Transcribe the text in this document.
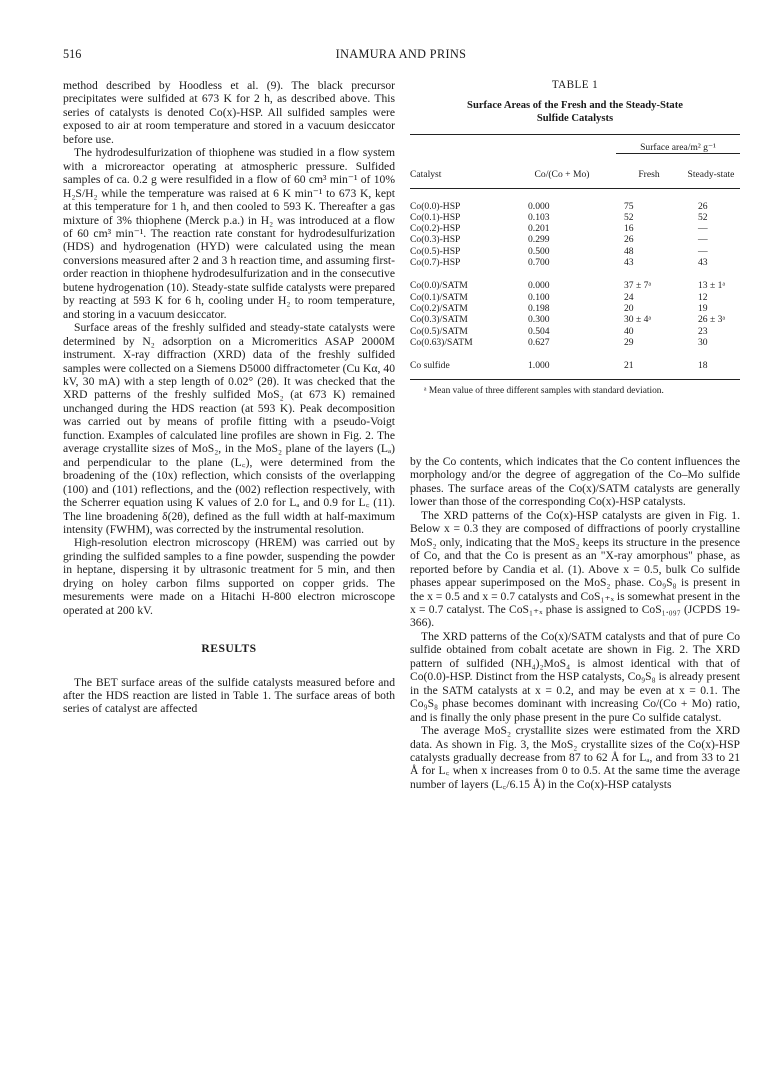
516	INAMURA AND PRINS

method described by Hoodless et al. (9). The black precursor precipitates were sulfided at 673 K for 2 h, as described above. This series of catalysts is denoted Co(x)-HSP. All sulfided samples were exposed to air at room temperature and stored in a vacuum desiccator before use.

The hydrodesulfurization of thiophene was studied in a flow system with a microreactor operating at atmospheric pressure. Sulfided samples of ca. 0.2 g were resulfided in a flow of 60 cm³ min⁻¹ of 10% H₂S/H₂ while the temperature was raised at 6 K min⁻¹ to 673 K, kept at this temperature for 1 h, and then cooled to 593 K. Thereafter a gas mixture of 3% thiophene (Merck p.a.) in H₂ was introduced at a flow of 60 cm³ min⁻¹. The reaction rate constant for hydrodesulfurization (HDS) and hydrogenation (HYD) were calculated using the mean conversions measured after 2 and 3 h reaction time, and assuming first-order reaction in thiophene hydrodesulfurization and in the consecutive butene hydrogenation (10). Steady-state sulfide catalysts were prepared by reacting at 593 K for 6 h, cooling under H₂ to room temperature, and storing in a vacuum desiccator.

Surface areas of the freshly sulfided and steady-state catalysts were determined by N₂ adsorption on a Micromeritics ASAP 2000M instrument. X-ray diffraction (XRD) data of the freshly sulfided samples were collected on a Siemens D5000 diffractometer (Cu Kα, 40 kV, 30 mA) with a step length of 0.02° (2θ). It was checked that the XRD patterns of the freshly sulfided MoS₂ (at 673 K) remained unchanged during the HDS reaction (at 593 K). Peak decomposition was carried out by means of profile fitting with a pseudo-Voigt function. Examples of calculated line profiles are shown in Fig. 2. The average crystallite sizes of MoS₂, in the MoS₂ plane of the layers (Lₐ) and perpendicular to the plane (L꜀), were determined from the broadening of the (10x) reflection, which consists of the overlapping (100) and (101) reflections, and the (002) reflection respectively, with the Scherrer equation using K values of 2.0 for Lₐ and 0.9 for L꜀ (11). The line broadening δ(2θ), defined as the full width at half-maximum intensity (FWHM), was corrected by the instrumental resolution.

High-resolution electron microscopy (HREM) was carried out by grinding the sulfided samples to a fine powder, suspending the powder in heptane, dispersing it by ultrasonic treatment for 5 min, and then drying on holey carbon films supported on copper grids. The mesurements were made on a Hitachi H-800 electron microscope operated at 200 kV.

RESULTS

The BET surface areas of the sulfide catalysts measured before and after the HDS reaction are listed in Table 1. The surface areas of both series of catalyst are affected

TABLE 1
Surface Areas of the Fresh and the Steady-State
Sulfide Catalysts

		Surface area/m² g⁻¹	

Catalyst	Co/(Co + Mo)	Fresh	Steady-state
Co(0.0)-HSP	0.000	75	26
Co(0.1)-HSP	0.103	52	52
Co(0.2)-HSP	0.201	16	—
Co(0.3)-HSP	0.299	26	—
Co(0.5)-HSP	0.500	48	—
Co(0.7)-HSP	0.700	43	43
Co(0.0)/SATM	0.000	37 ± 7ᵃ	13 ± 1ᵃ
Co(0.1)/SATM	0.100	24	12
Co(0.2)/SATM	0.198	20	19
Co(0.3)/SATM	0.300	30 ± 4ᵃ	26 ± 3ᵃ
Co(0.5)/SATM	0.504	40	23
Co(0.63)/SATM	0.627	29	30
Co sulfide	1.000	21	18
ᵃ Mean value of three different samples with standard deviation.

by the Co contents, which indicates that the Co content influences the morphology and/or the degree of aggregation of the Co–Mo sulfide phases. The surface areas of the Co(x)/SATM catalysts are generally lower than those of the corresponding Co(x)-HSP catalysts.

The XRD patterns of the Co(x)-HSP catalysts are given in Fig. 1. Below x = 0.3 they are composed of diffractions of poorly crystalline MoS₂ only, indicating that the MoS₂ keeps its structure in the presence of Co, and that the Co is present as an "X-ray amorphous" phase, as reported before by Candia et al. (1). Above x = 0.5, bulk Co sulfide phases appear superimposed on the MoS₂ phase. Co₉S₈ is present in the x = 0.5 and x = 0.7 catalysts and CoS₁₊ₓ is somewhat present in the x = 0.7 catalyst. The CoS₁₊ₓ phase is assigned to CoS₁.₀₉₇ (JCPDS 19-366).

The XRD patterns of the Co(x)/SATM catalysts and that of pure Co sulfide obtained from cobalt acetate are shown in Fig. 2. The XRD pattern of sulfided (NH₄)₂MoS₄ is almost identical with that of Co(0.0)-HSP. Distinct from the HSP catalysts, Co₉S₈ is already present in the SATM catalysts at x = 0.2, and may be even at x = 0.1. The Co₉S₈ phase becomes dominant with increasing Co/(Co + Mo) ratio, and is finally the only phase present in the pure Co sulfide catalyst.

The average MoS₂ crystallite sizes were estimated from the XRD data. As shown in Fig. 3, the MoS₂ crystallite sizes of the Co(x)-HSP catalysts gradually decrease from 87 to 62 Å for Lₐ, and from 33 to 21 Å for L꜀ when x increases from 0 to 0.5. At the same time the average number of layers (L꜀/6.15 Å) in the Co(x)-HSP catalysts
